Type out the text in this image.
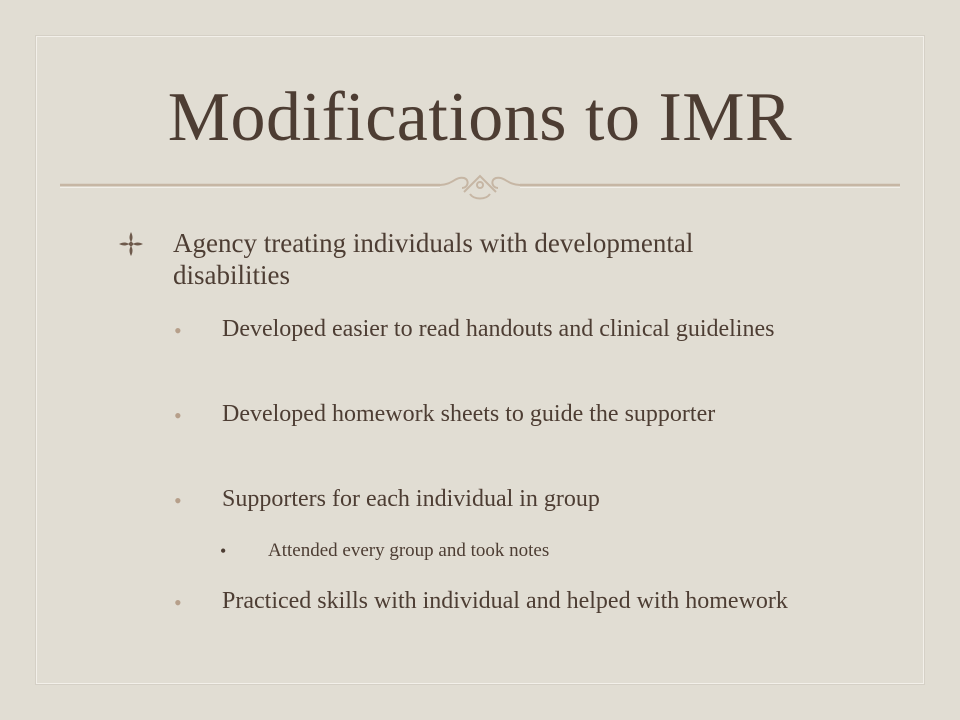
Modifications to IMR
Agency treating individuals with developmental disabilities
• Developed easier to read handouts and clinical guidelines
• Developed homework sheets to guide the supporter
• Supporters for each individual in group
• Attended every group and took notes
• Practiced skills with individual and helped with homework
